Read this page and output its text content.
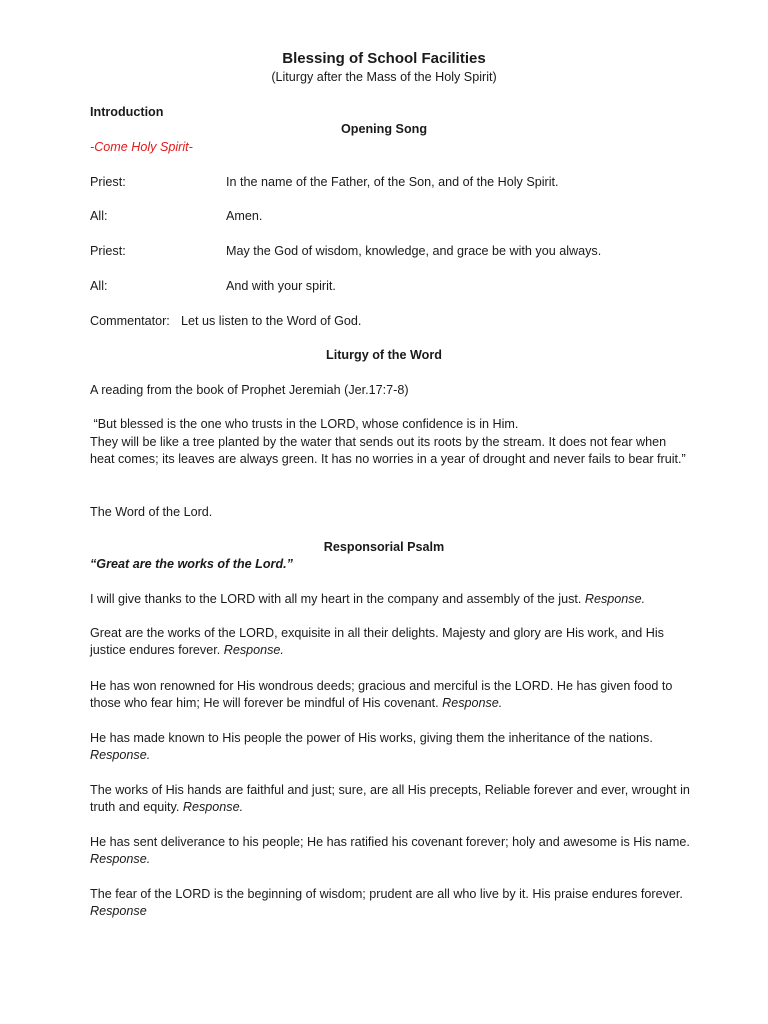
Blessing of School Facilities
(Liturgy after the Mass of the Holy Spirit)
Introduction
Opening Song
-Come Holy Spirit-
Priest:	In the name of the Father, of the Son, and of the Holy Spirit.
All:	Amen.
Priest:	May the God of wisdom, knowledge, and grace be with you always.
All:	And with your spirit.
Commentator: Let us listen to the Word of God.
Liturgy of the Word
A reading from the book of Prophet Jeremiah (Jer.17:7-8)
“But blessed is the one who trusts in the LORD, whose confidence is in Him.
They will be like a tree planted by the water that sends out its roots by the stream. It does not fear when heat comes; its leaves are always green. It has no worries in a year of drought and never fails to bear fruit.”
The Word of the Lord.
Responsorial Psalm
“Great are the works of the Lord.”
I will give thanks to the LORD with all my heart in the company and assembly of the just. Response.
Great are the works of the LORD, exquisite in all their delights. Majesty and glory are His work, and His justice endures forever. Response.
He has won renowned for His wondrous deeds; gracious and merciful is the LORD. He has given food to those who fear him; He will forever be mindful of His covenant. Response.
He has made known to His people the power of His works, giving them the inheritance of the nations. Response.
The works of His hands are faithful and just; sure, are all His precepts, Reliable forever and ever, wrought in truth and equity. Response.
He has sent deliverance to his people; He has ratified his covenant forever; holy and awesome is His name. Response.
The fear of the LORD is the beginning of wisdom; prudent are all who live by it. His praise endures forever. Response
